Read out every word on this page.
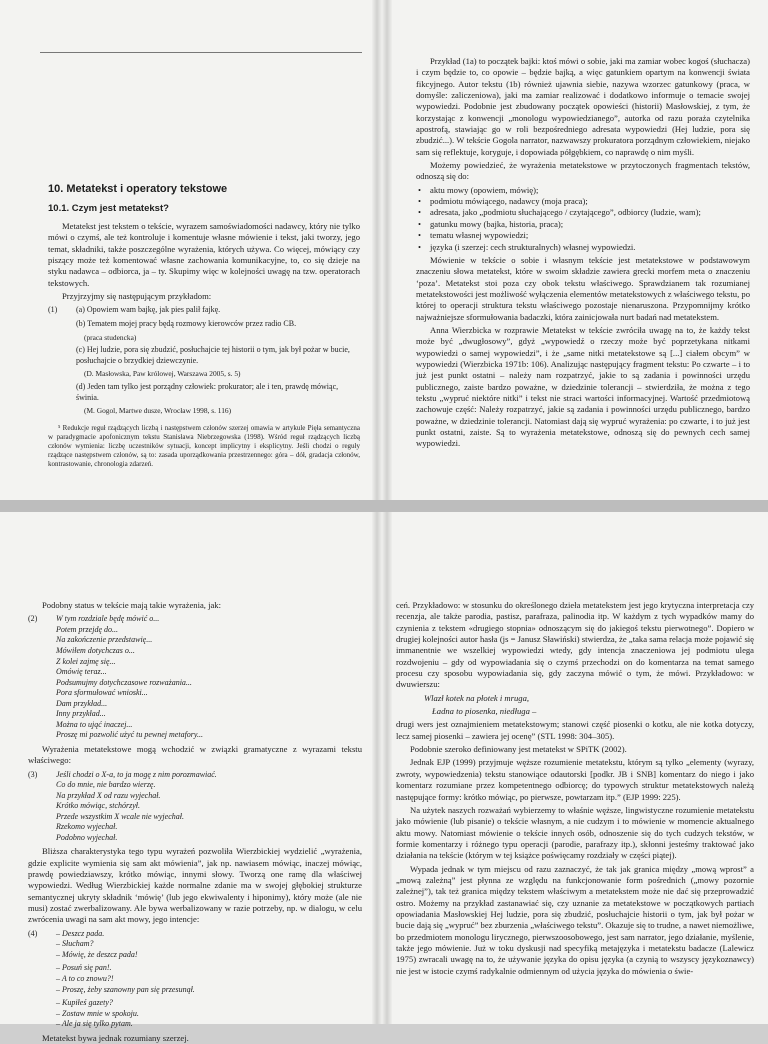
10. Metatekst i operatory tekstowe
10.1. Czym jest metatekst?

Metatekst jest tekstem o tekście, wyrazem samoświadomości nadawcy, który nie tylko mówi o czymś, ale też kontroluje i komentuje własne mówienie i tekst, jaki tworzy, jego temat, składniki, także poszczególne wyrażenia, których używa. Co więcej, mówiący czy piszący może też komentować własne zachowania komunikacyjne, to, co się dzieje na styku nadawca – odbiorca, ja – ty. Skupimy więc w kolejności uwagę na tzw. operatorach tekstowych.

Przyjrzyjmy się następującym przykładom:

(1)	(a) Opowiem wam bajkę, jak pies palił fajkę.
(b) Tematem mojej pracy będą rozmowy kierowców przez radio CB.
(praca studencka)
(c) Hej ludzie, pora się zbudzić, posłuchajcie tej historii o tym, jak był pożar w bucie, posłuchajcie o brzydkiej dziewczynie.
(D. Masłowska, Paw królowej, Warszawa 2005, s. 5)
(d) Jeden tam tylko jest porządny człowiek: prokurator; ale i ten, prawdę mówiąc, świnia.
(M. Gogol, Martwe dusze, Wrocław 1998, s. 116)
⁵ Redukcje reguł rządzących liczbą i następstwem członów szerzej omawia w artykule Pięła semantyczna w paradygmacie apofonicznym tekstu Stanisława Niebrzegowska (1998). Wśród reguł rządzących liczbą członów wymienia: liczbę uczestników sytuacji, koncept implicytny i eksplicytny. Jeśli chodzi o reguły rządzące następstwem członów, są to: zasada uporządkowania przestrzennego: góra – dół, gradacja członów, kontrastowanie, chronologia zdarzeń.

Przykład (1a) to początek bajki: ktoś mówi o sobie, jaki ma zamiar wobec kogoś (słuchacza) i czym będzie to, co opowie – będzie bajką, a więc gatunkiem opartym na konwencji świata fikcyjnego. Autor tekstu (1b) również ujawnia siebie, nazywa wzorzec gatunkowy (praca, w domyśle: zaliczeniowa), jaki ma zamiar realizować i dodatkowo informuje o temacie swojej wypowiedzi. Podobnie jest zbudowany początek opowieści (historii) Masłowskiej, z tym, że korzystając z konwencji „monologu wypowiedzianego”, autorka od razu poraża czytelnika apostrofą, stawiając go w roli bezpośredniego adresata wypowiedzi (Hej ludzie, pora się zbudzić...). W tekście Gogola narrator, nazwawszy prokuratora porządnym człowiekiem, niejako sam się reflektuje, koryguje, i dopowiada półgębkiem, co naprawdę o nim myśli.

Możemy powiedzieć, że wyrażenia metatekstowe w przytoczonych fragmentach tekstów, odnoszą się do:

• aktu mowy (opowiem, mówię);
• podmiotu mówiącego, nadawcy (moja praca);
• adresata, jako „podmiotu słuchającego / czytającego”, odbiorcy (ludzie, wam);
• gatunku mowy (bajka, historia, praca);
• tematu własnej wypowiedzi;
• języka (i szerzej: cech strukturalnych) własnej wypowiedzi.

Mówienie w tekście o sobie i własnym tekście jest metatekstowe w podstawowym znaczeniu słowa metatekst, które w swoim składzie zawiera grecki morfem meta o znaczeniu ‘poza’. Metatekst stoi poza czy obok tekstu właściwego. Sprawdzianem tak rozumianej metatekstowości jest możliwość wyłączenia elementów metatekstowych z właściwego tekstu, po której to operacji struktura tekstu właściwego pozostaje nienaruszona. Przypomnijmy krótko najważniejsze sformułowania badaczki, która zainicjowała nurt badań nad metatekstem.

Anna Wierzbicka w rozprawie Metatekst w tekście zwróciła uwagę na to, że każdy tekst może być „dwugłosowy”, gdyż „wypowiedź o rzeczy może być poprzetykana nitkami wypowiedzi o samej wypowiedzi”, i że „same nitki metatekstowe są [...] ciałem obcym” w wypowiedzi (Wierzbicka 1971b: 106). Analizując następujący fragment tekstu: Po czwarte – i to już jest punkt ostatni – należy nam rozpatrzyć, jakie to są zadania i powinności urzędu publicznego, zaiste bardzo poważne, w dziedzinie tolerancji – stwierdziła, że można z tego tekstu „wypruć niektóre nitki” i tekst nie straci wartości informacyjnej. Wartość przedmiotową zachowuje część: Należy rozpatrzyć, jakie są zadania i powinności urzędu publicznego, bardzo poważne, w dziedzinie tolerancji. Natomiast dają się wypruć wyrażenia: po czwarte, i to już jest punkt ostatni, zaiste. Są to wyrażenia metatekstowe, odnoszą się do pewnych cech samej wypowiedzi.

Podobny status w tekście mają takie wyrażenia, jak:

(2)	W tym rozdziale będę mówić o...
Potem przejdę do...
Na zakończenie przedstawię...
Mówiłem dotychczas o...
Z kolei zajmę się...
Omówię teraz...
Podsumujmy dotychczasowe rozważania...
Pora sformułować wnioski...
Dam przykład...
Inny przykład...
Można to ująć inaczej...
Proszę mi pozwolić użyć tu pewnej metafory...

Wyrażenia metatekstowe mogą wchodzić w związki gramatyczne z wyrazami tekstu właściwego:

(3)	Jeśli chodzi o X-a, to ja mogę z nim porozmawiać.
Co do mnie, nie bardzo wierzę.
Na przykład X od razu wyjechał.
Krótko mówiąc, stchórzył.
Przede wszystkim X wcale nie wyjechał.
Rzekomo wyjechał.
Podobno wyjechał.

Bliższa charakterystyka tego typu wyrażeń pozwoliła Wierzbickiej wydzielić „wyrażenia, gdzie explicite wymienia się sam akt mówienia”, jak np. nawiasem mówiąc, inaczej mówiąc, prawdę powiedziawszy, krótko mówiąc, innymi słowy. Tworzą one ramę dla właściwej wypowiedzi. Według Wierzbickiej każde normalne zdanie ma w swojej głębokiej strukturze semantycznej ukryty składnik ‘mówię’ (lub jego ekwiwalenty i hiponimy), który może (ale nie musi) zostać zwerbalizowany. Ale bywa werbalizowany w razie potrzeby, np. w dialogu, w celu zwrócenia uwagi na sam akt mowy, jego intencje:

(4)	– Deszcz pada.
– Słucham?
– Mówię, że deszcz pada!
– Posuń się pan!.
– A to co znowu?!
– Proszę, żeby szanowny pan się przesunął.
– Kupiłeś gazety?
– Zostaw mnie w spokoju.
– Ale ja się tylko pytam.

Metatekst bywa jednak rozumiany szerzej.

ceń. Przykładowo: w stosunku do określonego dzieła metatekstem jest jego krytyczna interpretacja czy recenzja, ale także parodia, pastisz, parafraza, palinodia itp. W każdym z tych wypadków mamy do czynienia z tekstem «drugiego stopnia» odnoszącym się do jakiegoś tekstu pierwotnego”. Dopiero w drugiej kolejności autor hasła (js = Janusz Sławiński) stwierdza, że „taka sama relacja może pojawić się immanentnie we wszelkiej wypowiedzi wtedy, gdy intencja znaczeniowa jej podmiotu ulega rozdwojeniu – gdy od wypowiadania się o czymś przechodzi on do komentarza na temat samego procesu czy sposobu wypowiadania się, gdy zaczyna mówić o tym, że mówi. Przykładowo: w dwuwierszu:

Wlazł kotek na płotek i mruga,
Ładna to piosenka, niedługa –

drugi wers jest oznajmieniem metatekstowym; stanowi część piosenki o kotku, ale nie kotka dotyczy, lecz samej piosenki – zawiera jej ocenę” (STL 1998: 304–305).

Podobnie szeroko definiowany jest metatekst w SPiTK (2002).

Jednak EJP (1999) przyjmuje węższe rozumienie metatekstu, którym są tylko „elementy (wyrazy, zwroty, wypowiedzenia) tekstu stanowiące odautorski [podkr. JB i SNB] komentarz do niego i jako komentarz rozumiane przez kompetentnego odbiorcę; do typowych struktur metatekstowych należą następujące formy: krótko mówiąc, po pierwsze, powtarzam itp.” (EJP 1999: 225).

Na użytek naszych rozważań wybierzemy to właśnie węższe, lingwistyczne rozumienie metatekstu jako mówienie (lub pisanie) o tekście własnym, a nie cudzym i to mówienie w momencie aktualnego aktu mowy. Natomiast mówienie o tekście innych osób, odnoszenie się do tych cudzych tekstów, w formie komentarzy i różnego typu operacji (parodie, parafrazy itp.), skłonni jesteśmy traktować jako działania na tekście (którym w tej książce poświęcamy rozdziały w części piątej).

Wypada jednak w tym miejscu od razu zaznaczyć, że tak jak granica między „mową wprost” a „mową zależną” jest płynna ze względu na funkcjonowanie form pośrednich („mowy pozornie zależnej”), tak też granica między tekstem właściwym a metatekstem może nie dać się przeprowadzić ostro. Możemy na przykład zastanawiać się, czy uznanie za metatekstowe w początkowych partiach opowiadania Masłowskiej Hej ludzie, pora się zbudzić, posłuchajcie historii o tym, jak był pożar w bucie dają się „wypruć” bez zburzenia „właściwego tekstu”. Okazuje się to trudne, a nawet niemożliwe, bo przedmiotem monologu lirycznego, pierwszoosobowego, jest sam narrator, jego działanie, myślenie, także jego mówienie. Już w toku dyskusji nad specyfiką metajęzyka i metatekstu badacze (Lalewicz 1975) zwracali uwagę na to, że używanie języka do opisu języka (a czynią to wszyscy językoznawcy) nie jest w istocie czymś radykalnie odmiennym od użycia języka do mówienia o świe-
